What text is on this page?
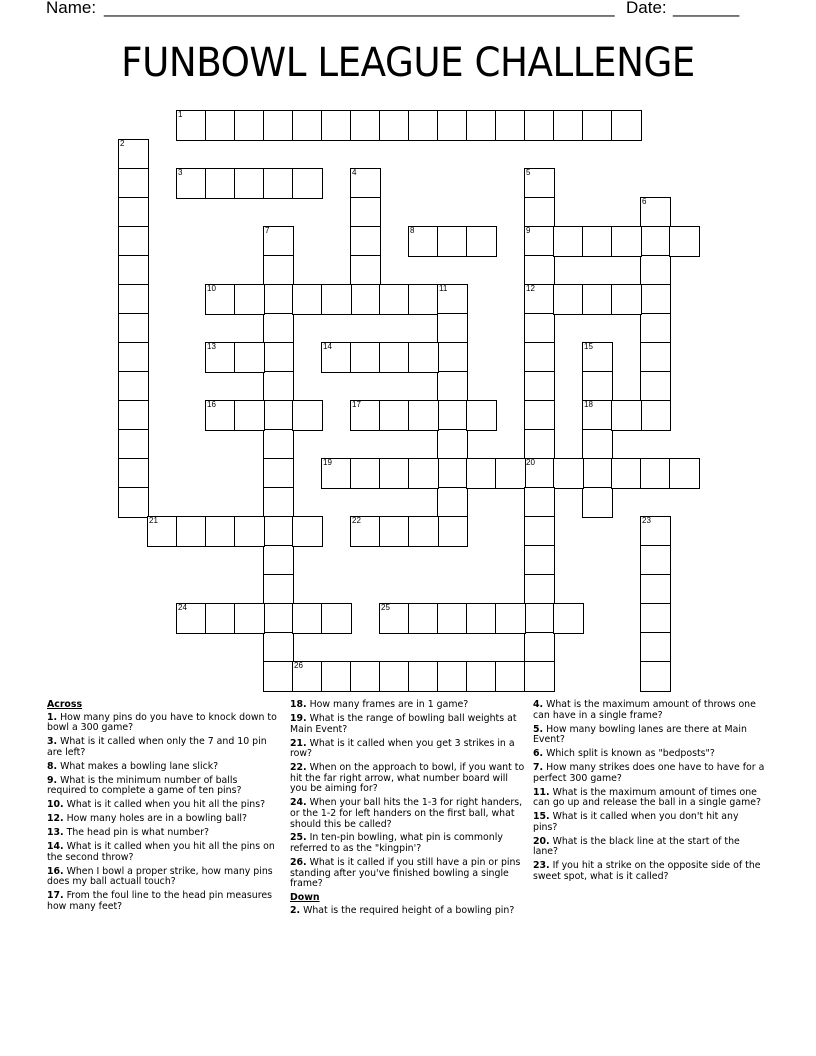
Name: ______________________________________________________ Date: _______
FUNBOWL LEAGUE CHALLENGE
1
2
3	4	5
9
12
20
6
7	8
10	11
13	14	15
18
16	17
19
21	22	23
24	25
26
Across
1. How many pins do you have to knock down to bowl a 300 game?
3. What is it called when only the 7 and 10 pin are left?
8. What makes a bowling lane slick?
9. What is the minimum number of balls required to complete a game of ten pins?
10. What is it called when you hit all the pins?
12. How many holes are in a bowling ball?
13. The head pin is what number?
14. What is it called when you hit all the pins on the second throw?
16. When I bowl a proper strike, how many pins does my ball actuall touch?
17. From the foul line to the head pin measures how many feet?
18. How many frames are in 1 game?
19. What is the range of bowling ball weights at Main Event?
21. What is it called when you get 3 strikes in a row?
22. When on the approach to bowl, if you want to hit the far right arrow, what number board will you be aiming for?
24. When your ball hits the 1-3 for right handers, or the 1-2 for left handers on the first ball, what should this be called?
25. In ten-pin bowling, what pin is commonly referred to as the "kingpin'?
26. What is it called if you still have a pin or pins standing after you've finished bowling a single frame?
Down
2. What is the required height of a bowling pin?
4. What is the maximum amount of throws one can have in a single frame?
5. How many bowling lanes are there at Main Event?
6. Which split is known as "bedposts"?
7. How many strikes does one have to have for a perfect 300 game?
11. What is the maximum amount of times one can go up and release the ball in a single game?
15. What is it called when you don't hit any pins?
20. What is the black line at the start of the lane?
23. If you hit a strike on the opposite side of the sweet spot, what is it called?
